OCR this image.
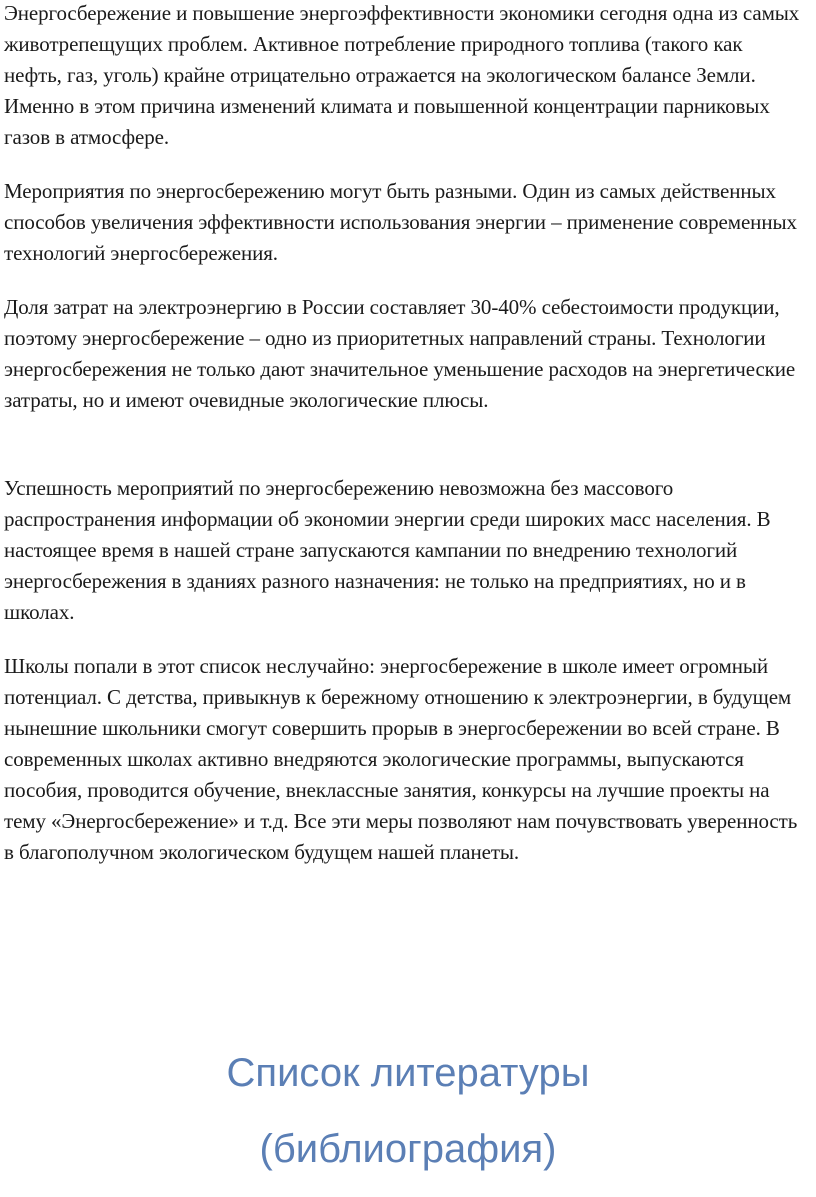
Энергосбережение и повышение энергоэффективности экономики сегодня одна из самых животрепещущих проблем. Активное потребление природного топлива (такого как нефть, газ, уголь) крайне отрицательно отражается на экологическом балансе Земли. Именно в этом причина изменений климата и повышенной концентрации парниковых газов в атмосфере.

Мероприятия по энергосбережению могут быть разными. Один из самых действенных способов увеличения эффективности использования энергии – применение современных технологий энергосбережения.

Доля затрат на электроэнергию в России составляет 30-40% себестоимости продукции, поэтому энергосбережение – одно из приоритетных направлений страны. Технологии энергосбережения не только дают значительное уменьшение расходов на энергетические затраты, но и имеют очевидные экологические плюсы.

Успешность мероприятий по энергосбережению невозможна без массового распространения информации об экономии энергии среди широких масс населения. В настоящее время в нашей стране запускаются кампании по внедрению технологий энергосбережения в зданиях разного назначения: не только на предприятиях, но и в школах.

Школы попали в этот список неслучайно: энергосбережение в школе имеет огромный потенциал. С детства, привыкнув к бережному отношению к электроэнергии, в будущем нынешние школьники смогут совершить прорыв в энергосбережении во всей стране. В современных школах активно внедряются экологические программы, выпускаются пособия, проводится обучение, внеклассные занятия, конкурсы на лучшие проекты на тему «Энергосбережение» и т.д. Все эти меры позволяют нам почувствовать уверенность в благополучном экологическом будущем нашей планеты.

Список литературы
(библиография)
